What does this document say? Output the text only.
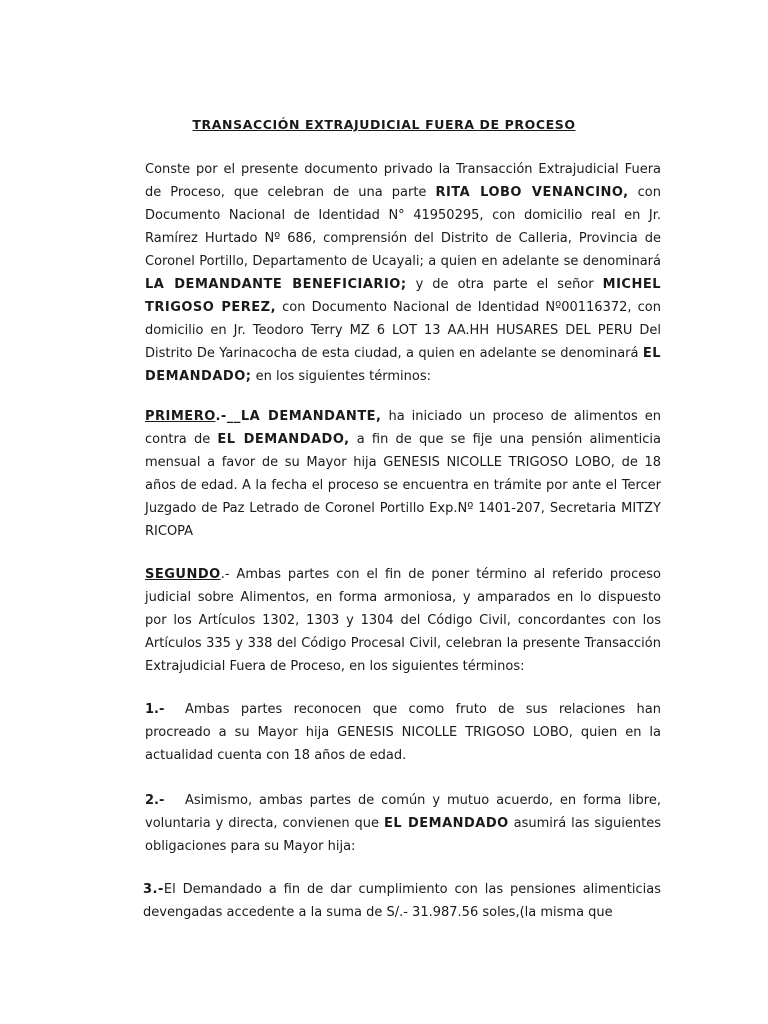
TRANSACCIÓN EXTRAJUDICIAL FUERA DE PROCESO

Conste por el presente documento privado la Transacción Extrajudicial Fuera de Proceso, que celebran de una parte RITA LOBO VENANCINO, con Documento Nacional de Identidad N° 41950295, con domicilio real en Jr. Ramírez Hurtado Nº 686, comprensión del Distrito de Calleria, Provincia de Coronel Portillo, Departamento de Ucayali; a quien en adelante se denominará LA DEMANDANTE BENEFICIARIO; y de otra parte el señor MICHEL TRIGOSO PEREZ, con Documento Nacional de Identidad Nº00116372, con domicilio en Jr. Teodoro Terry MZ 6 LOT 13 AA.HH HUSARES DEL PERU Del Distrito De Yarinacocha de esta ciudad, a quien en adelante se denominará EL DEMANDADO; en los siguientes términos:

PRIMERO.-__LA DEMANDANTE, ha iniciado un proceso de alimentos en contra de EL DEMANDADO, a fin de que se fije una pensión alimenticia mensual a favor de su Mayor hija GENESIS NICOLLE TRIGOSO LOBO, de 18 años de edad. A la fecha el proceso se encuentra en trámite por ante el Tercer Juzgado de Paz Letrado de Coronel Portillo Exp.Nº 1401-207, Secretaria MITZY RICOPA

SEGUNDO.- Ambas partes con el fin de poner término al referido proceso judicial sobre Alimentos, en forma armoniosa, y amparados en lo dispuesto por los Artículos 1302, 1303 y 1304 del Código Civil, concordantes con los Artículos 335 y 338 del Código Procesal Civil, celebran la presente Transacción Extrajudicial Fuera de Proceso, en los siguientes términos:

1.- Ambas partes reconocen que como fruto de sus relaciones han procreado a su Mayor hija GENESIS NICOLLE TRIGOSO LOBO, quien en la actualidad cuenta con 18 años de edad.

2.- Asimismo, ambas partes de común y mutuo acuerdo, en forma libre, voluntaria y directa, convienen que EL DEMANDADO asumirá las siguientes obligaciones para su Mayor hija:

3.-El Demandado a fin de dar cumplimiento con las pensiones alimenticias devengadas accedente a la suma de S/.- 31.987.56 soles,(la misma que
